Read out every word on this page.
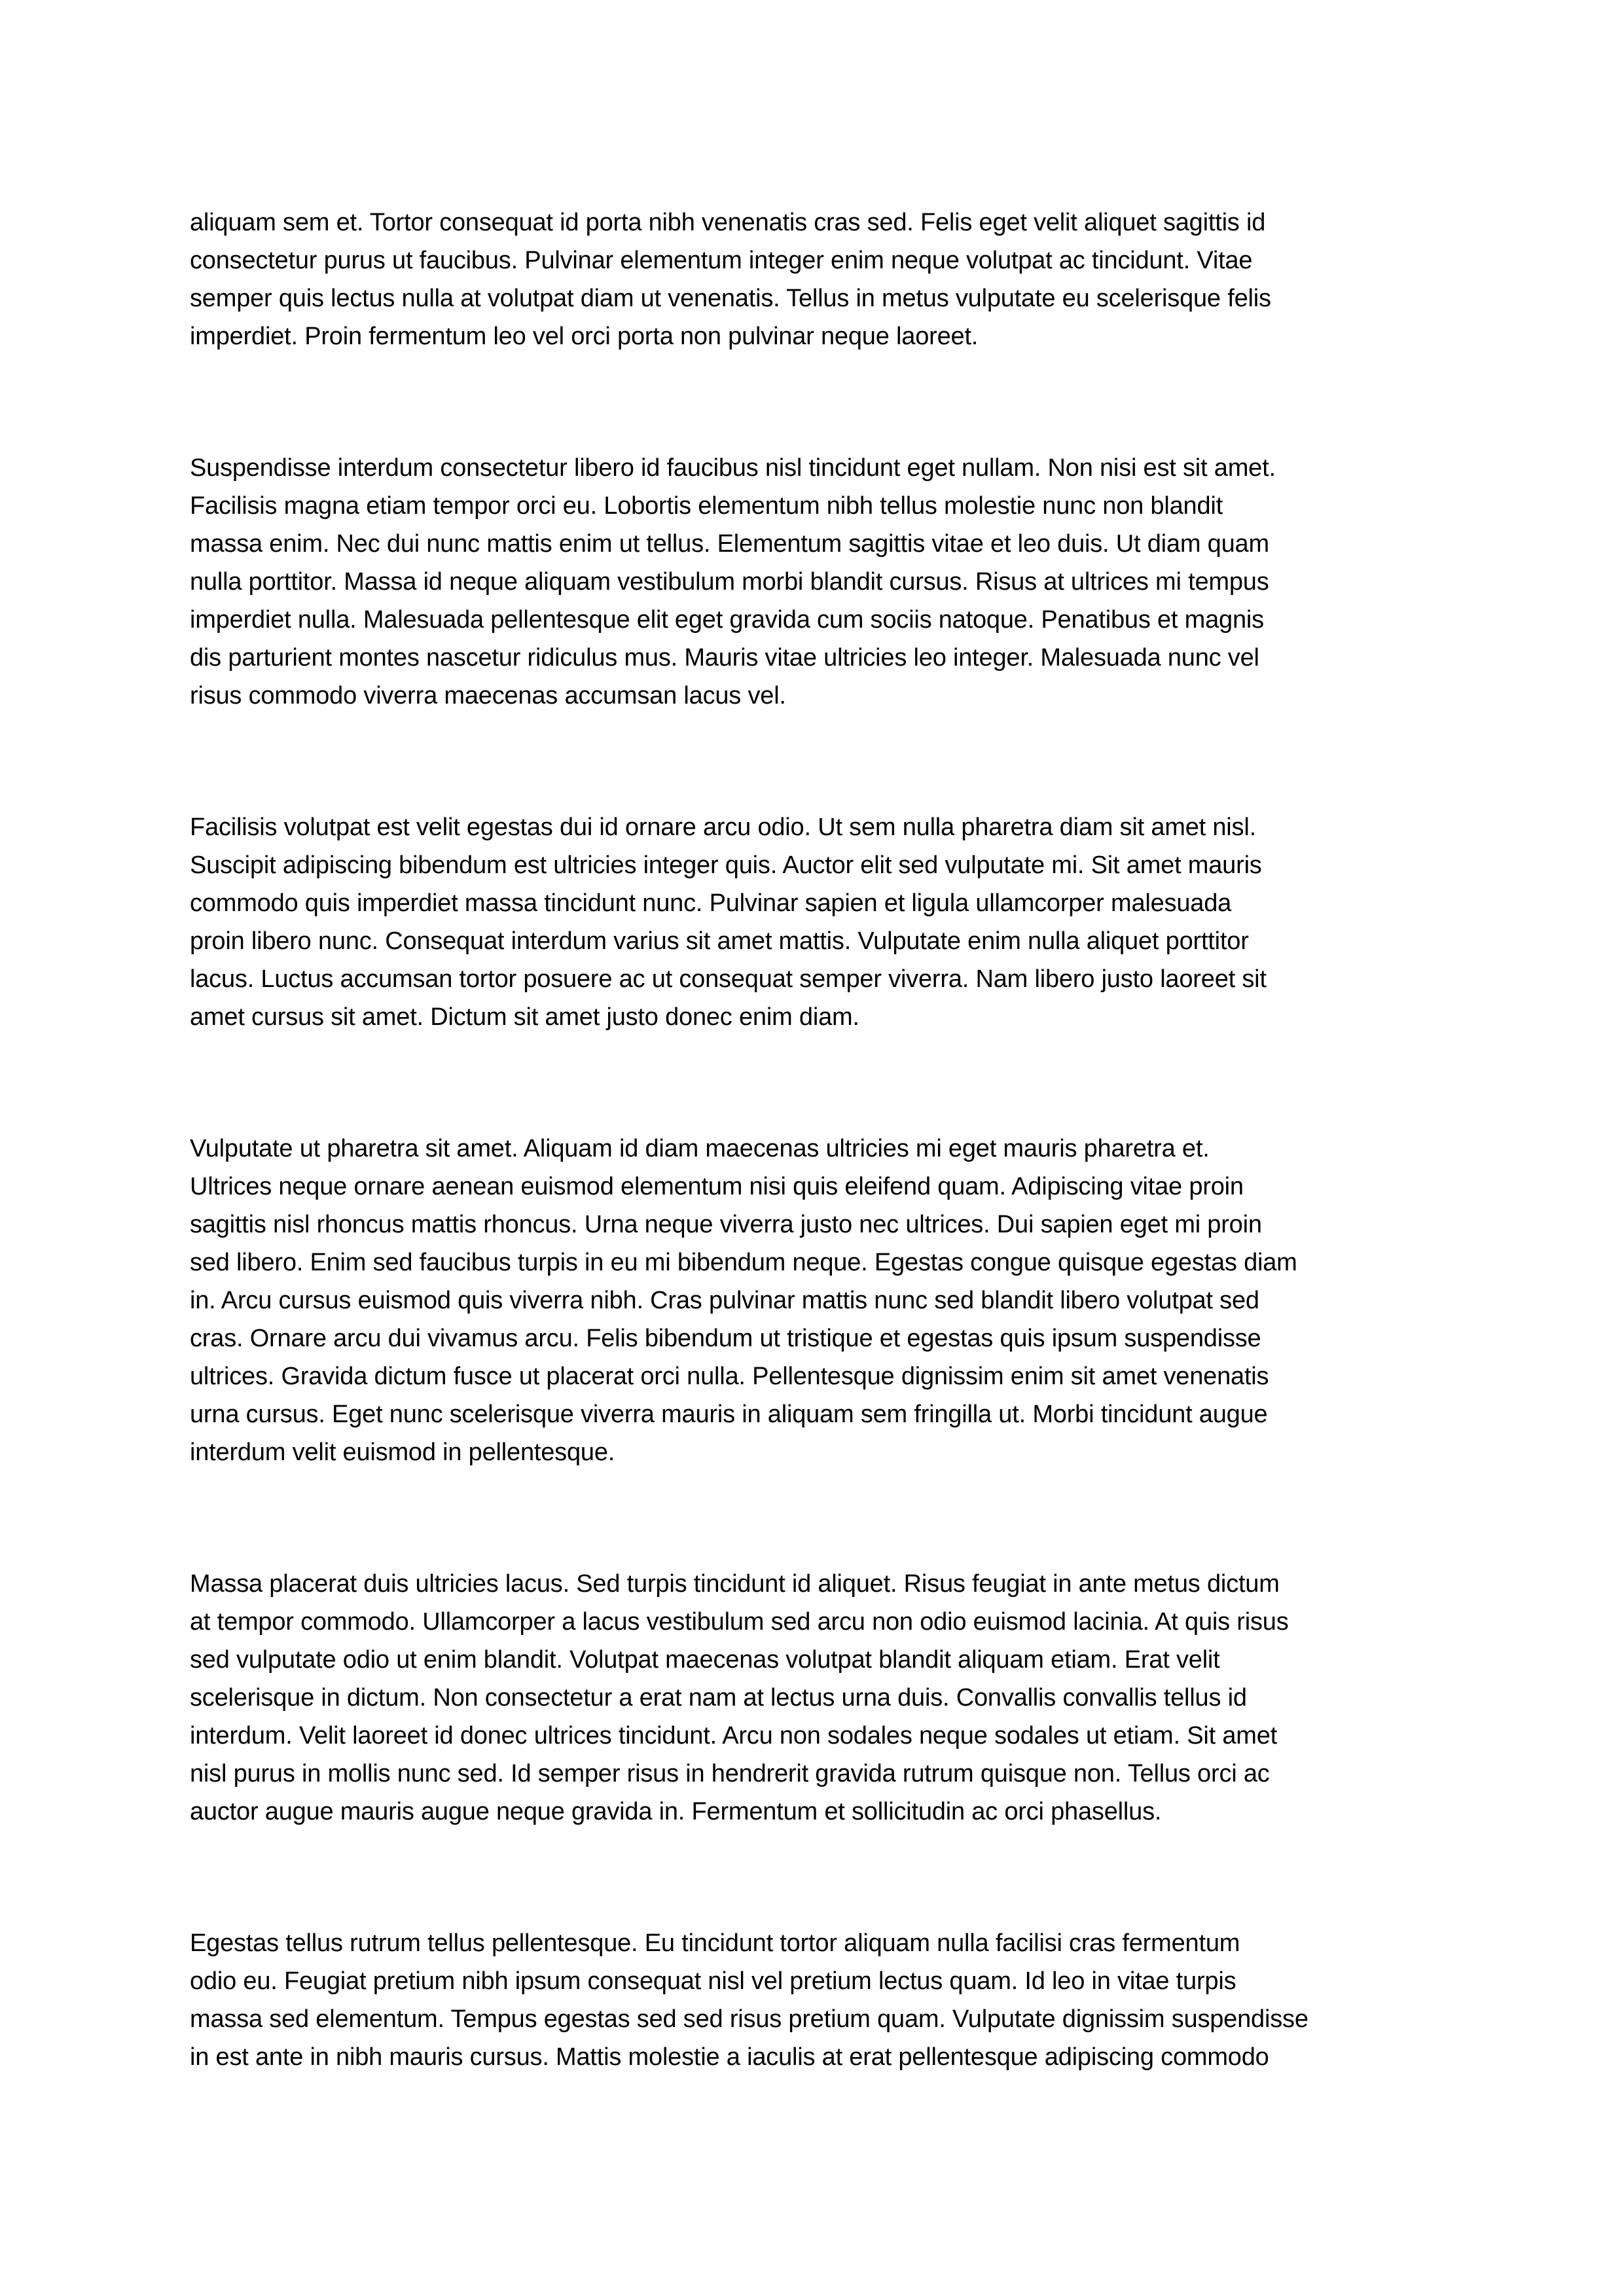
aliquam sem et. Tortor consequat id porta nibh venenatis cras sed. Felis eget velit aliquet sagittis id
consectetur purus ut faucibus. Pulvinar elementum integer enim neque volutpat ac tincidunt. Vitae
semper quis lectus nulla at volutpat diam ut venenatis. Tellus in metus vulputate eu scelerisque felis
imperdiet. Proin fermentum leo vel orci porta non pulvinar neque laoreet.

Suspendisse interdum consectetur libero id faucibus nisl tincidunt eget nullam. Non nisi est sit amet.
Facilisis magna etiam tempor orci eu. Lobortis elementum nibh tellus molestie nunc non blandit
massa enim. Nec dui nunc mattis enim ut tellus. Elementum sagittis vitae et leo duis. Ut diam quam
nulla porttitor. Massa id neque aliquam vestibulum morbi blandit cursus. Risus at ultrices mi tempus
imperdiet nulla. Malesuada pellentesque elit eget gravida cum sociis natoque. Penatibus et magnis
dis parturient montes nascetur ridiculus mus. Mauris vitae ultricies leo integer. Malesuada nunc vel
risus commodo viverra maecenas accumsan lacus vel.

Facilisis volutpat est velit egestas dui id ornare arcu odio. Ut sem nulla pharetra diam sit amet nisl.
Suscipit adipiscing bibendum est ultricies integer quis. Auctor elit sed vulputate mi. Sit amet mauris
commodo quis imperdiet massa tincidunt nunc. Pulvinar sapien et ligula ullamcorper malesuada
proin libero nunc. Consequat interdum varius sit amet mattis. Vulputate enim nulla aliquet porttitor
lacus. Luctus accumsan tortor posuere ac ut consequat semper viverra. Nam libero justo laoreet sit
amet cursus sit amet. Dictum sit amet justo donec enim diam.

Vulputate ut pharetra sit amet. Aliquam id diam maecenas ultricies mi eget mauris pharetra et.
Ultrices neque ornare aenean euismod elementum nisi quis eleifend quam. Adipiscing vitae proin
sagittis nisl rhoncus mattis rhoncus. Urna neque viverra justo nec ultrices. Dui sapien eget mi proin
sed libero. Enim sed faucibus turpis in eu mi bibendum neque. Egestas congue quisque egestas diam
in. Arcu cursus euismod quis viverra nibh. Cras pulvinar mattis nunc sed blandit libero volutpat sed
cras. Ornare arcu dui vivamus arcu. Felis bibendum ut tristique et egestas quis ipsum suspendisse
ultrices. Gravida dictum fusce ut placerat orci nulla. Pellentesque dignissim enim sit amet venenatis
urna cursus. Eget nunc scelerisque viverra mauris in aliquam sem fringilla ut. Morbi tincidunt augue
interdum velit euismod in pellentesque.

Massa placerat duis ultricies lacus. Sed turpis tincidunt id aliquet. Risus feugiat in ante metus dictum
at tempor commodo. Ullamcorper a lacus vestibulum sed arcu non odio euismod lacinia. At quis risus
sed vulputate odio ut enim blandit. Volutpat maecenas volutpat blandit aliquam etiam. Erat velit
scelerisque in dictum. Non consectetur a erat nam at lectus urna duis. Convallis convallis tellus id
interdum. Velit laoreet id donec ultrices tincidunt. Arcu non sodales neque sodales ut etiam. Sit amet
nisl purus in mollis nunc sed. Id semper risus in hendrerit gravida rutrum quisque non. Tellus orci ac
auctor augue mauris augue neque gravida in. Fermentum et sollicitudin ac orci phasellus.

Egestas tellus rutrum tellus pellentesque. Eu tincidunt tortor aliquam nulla facilisi cras fermentum
odio eu. Feugiat pretium nibh ipsum consequat nisl vel pretium lectus quam. Id leo in vitae turpis
massa sed elementum. Tempus egestas sed sed risus pretium quam. Vulputate dignissim suspendisse
in est ante in nibh mauris cursus. Mattis molestie a iaculis at erat pellentesque adipiscing commodo
